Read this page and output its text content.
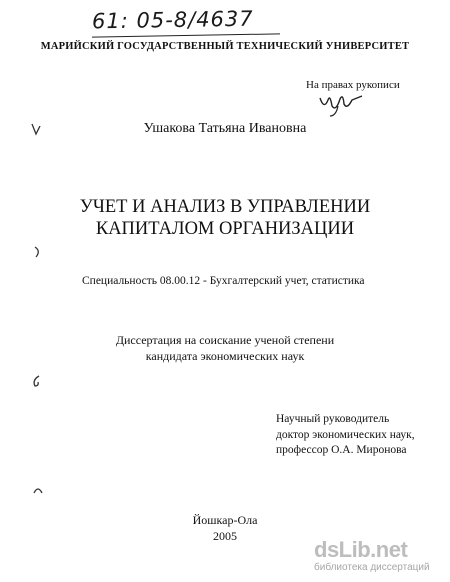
61: 05-8/4637
МАРИЙСКИЙ ГОСУДАРСТВЕННЫЙ ТЕХНИЧЕСКИЙ УНИВЕРСИТЕТ
На правах рукописи
Ушакова Татьяна Ивановна
УЧЕТ И АНАЛИЗ В УПРАВЛЕНИИ
КАПИТАЛОМ ОРГАНИЗАЦИИ
Специальность 08.00.12 - Бухгалтерский учет, статистика
Диссертация на соискание ученой степени
кандидата экономических наук
Научный руководитель
доктор экономических наук,
профессор О.А. Миронова
Йошкар-Ола
2005
dsLib.net
библиотека диссертаций
